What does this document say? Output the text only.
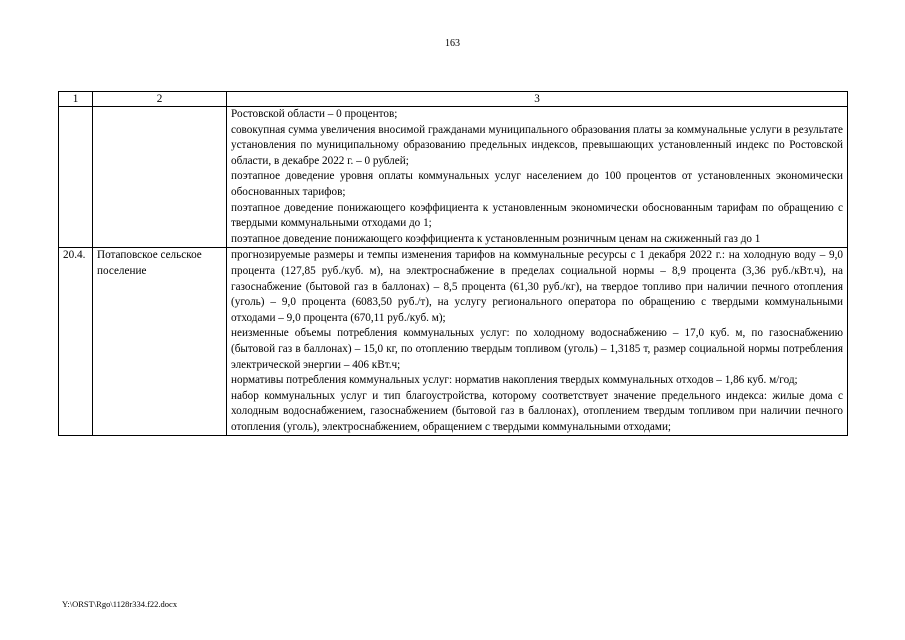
163
1	2	3

		Ростовской области – 0 процентов;
совокупная сумма увеличения вносимой гражданами муниципального образования платы за коммунальные услуги в результате установления по муниципальному образованию предельных индексов, превышающих установленный индекс по Ростовской области, в декабре 2022 г. – 0 рублей;
поэтапное доведение уровня оплаты коммунальных услуг населением до 100 процентов от установленных экономически обоснованных тарифов;
поэтапное доведение понижающего коэффициента к установленным экономически обоснованным тарифам по обращению с твердыми коммунальными отходами до 1;
поэтапное доведение понижающего коэффициента к установленным розничным ценам на сжиженный газ до 1

20.4.	Потаповское сельское поселение	прогнозируемые размеры и темпы изменения тарифов на коммунальные ресурсы с 1 декабря 2022 г.: на холодную воду – 9,0 процента (127,85 руб./куб. м), на электроснабжение в пределах социальной нормы – 8,9 процента (3,36 руб./кВт.ч), на газоснабжение (бытовой газ в баллонах) – 8,5 процента (61,30 руб./кг), на твердое топливо при наличии печного отопления (уголь) – 9,0 процента (6083,50 руб./т), на услугу регионального оператора по обращению с твердыми коммунальными отходами – 9,0 процента (670,11 руб./куб. м);
неизменные объемы потребления коммунальных услуг: по холодному водоснабжению – 17,0 куб. м, по газоснабжению (бытовой газ в баллонах) – 15,0 кг, по отоплению твердым топливом (уголь) – 1,3185 т, размер социальной нормы потребления электрической энергии – 406 кВт.ч;
нормативы потребления коммунальных услуг: норматив накопления твердых коммунальных отходов – 1,86 куб. м/год;
набор коммунальных услуг и тип благоустройства, которому соответствует значение предельного индекса: жилые дома с холодным водоснабжением, газоснабжением (бытовой газ в баллонах), отоплением твердым топливом при наличии печного отопления (уголь), электроснабжением, обращением с твердыми коммунальными отходами;
Y:\ORST\Rgo\1128r334.f22.docx
